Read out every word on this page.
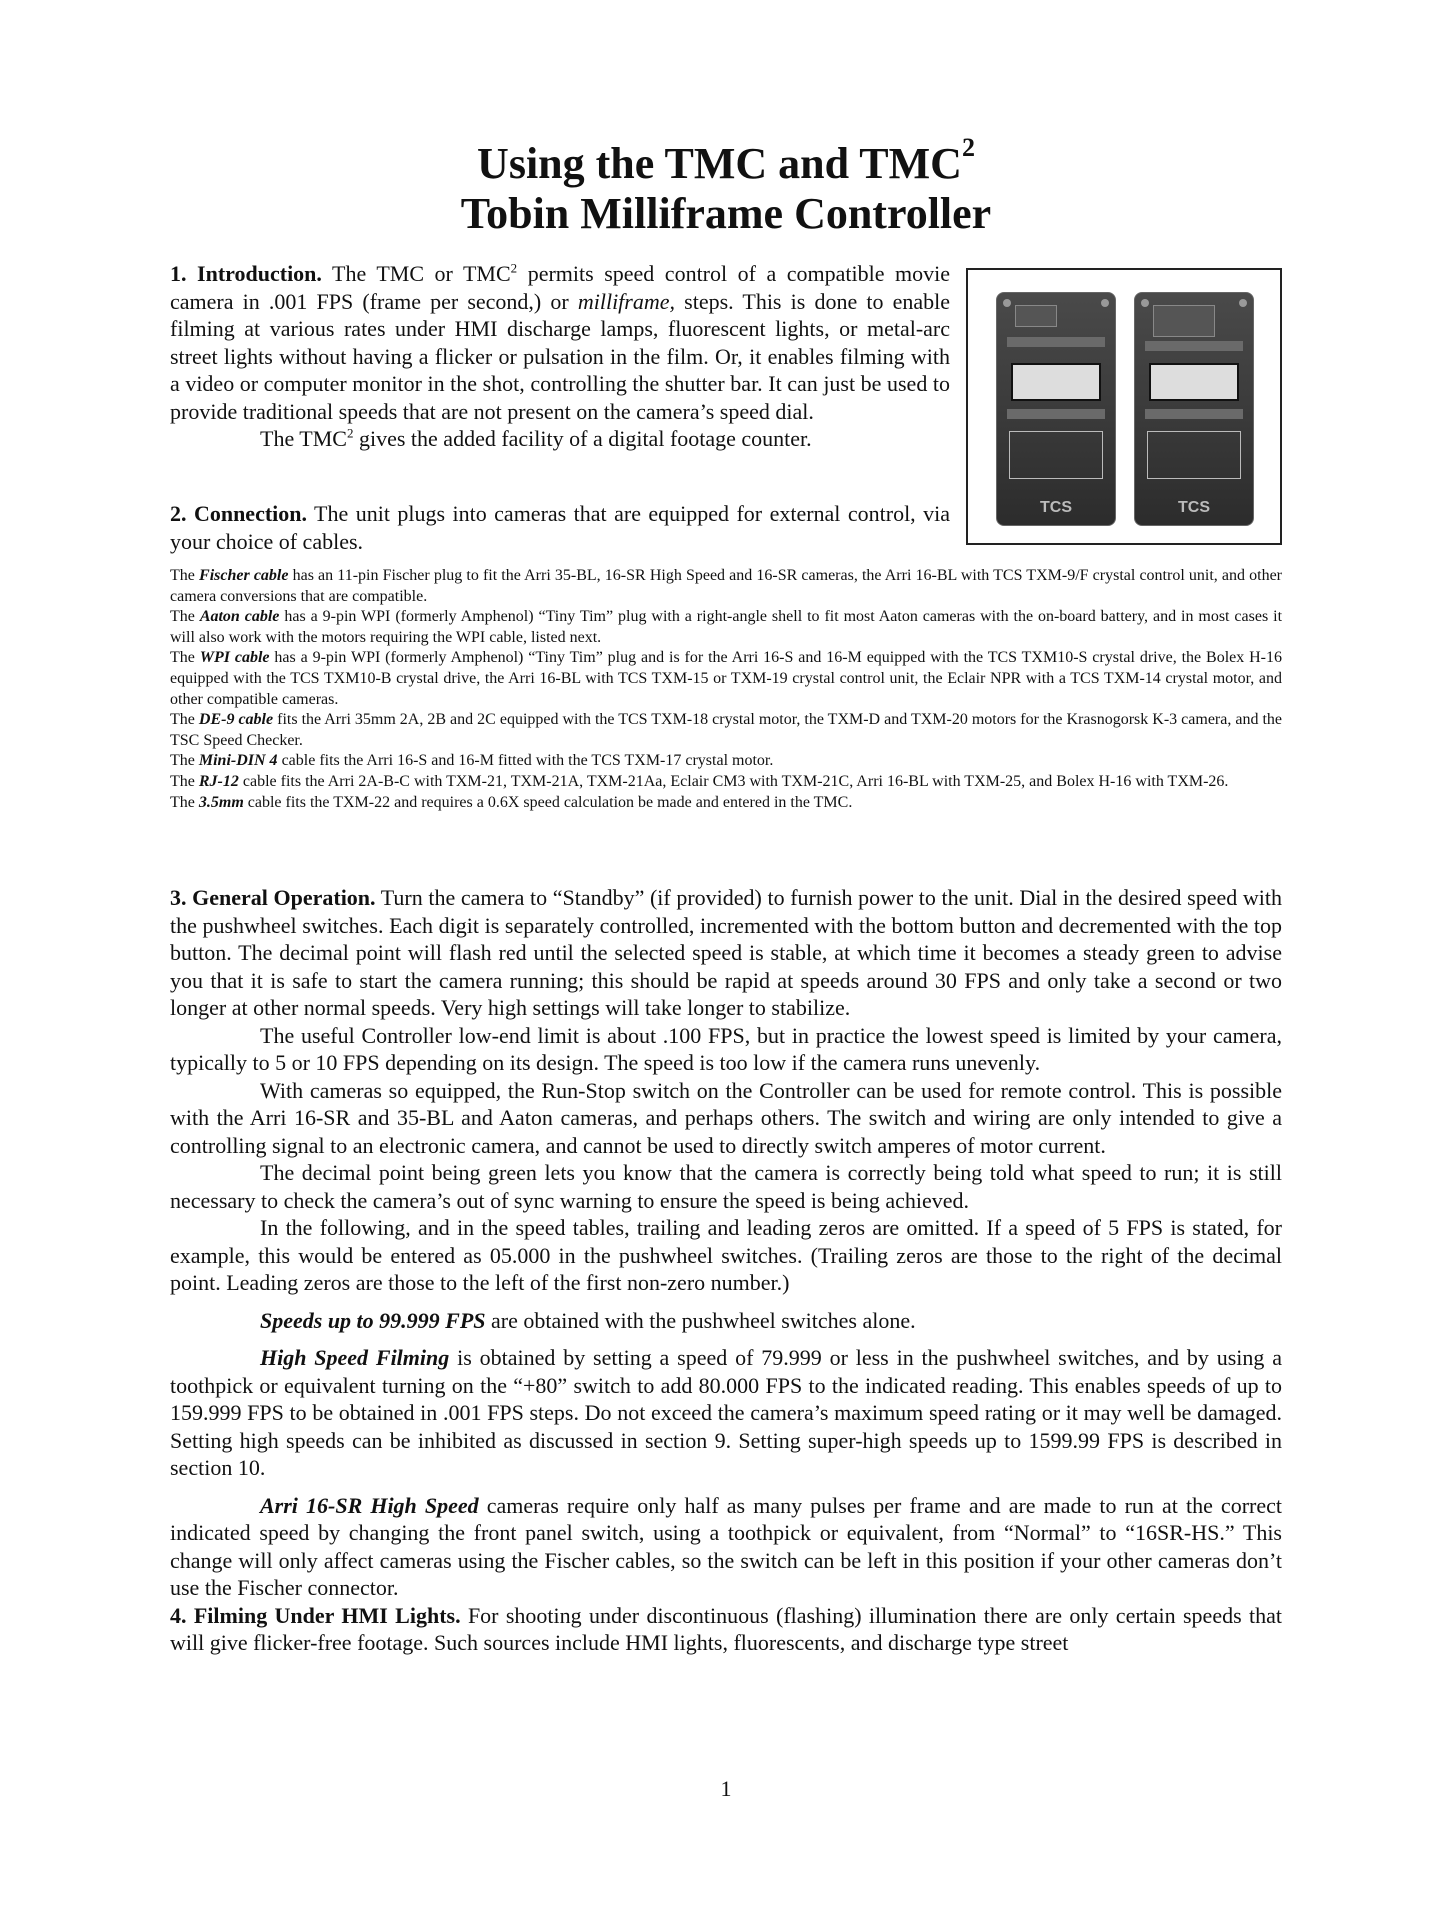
Using the TMC and TMC$^2$
Tobin Milliframe Controller

1. Introduction. The TMC or TMC$^2$ permits speed control of a compatible movie camera in .001 FPS (frame per second,) or milliframe, steps. This is done to enable filming at various rates under HMI discharge lamps, fluorescent lights, or metal-arc street lights without having a flicker or pulsation in the film. Or, it enables filming with a video or computer monitor in the shot, controlling the shutter bar. It can just be used to provide traditional speeds that are not present on the camera’s speed dial.

The TMC$^2$ gives the added facility of a digital footage counter.

TCS	TCS

2. Connection. The unit plugs into cameras that are equipped for external control, via your choice of cables.

The Fischer cable has an 11-pin Fischer plug to fit the Arri 35-BL, 16-SR High Speed and 16-SR cameras, the Arri 16-BL with TCS TXM-9/F crystal control unit, and other camera conversions that are compatible.

The Aaton cable has a 9-pin WPI (formerly Amphenol) “Tiny Tim” plug with a right-angle shell to fit most Aaton cameras with the on-board battery, and in most cases it will also work with the motors requiring the WPI cable, listed next.

The WPI cable has a 9-pin WPI (formerly Amphenol) “Tiny Tim” plug and is for the Arri 16-S and 16-M equipped with the TCS TXM10-S crystal drive, the Bolex H-16 equipped with the TCS TXM10-B crystal drive, the Arri 16-BL with TCS TXM-15 or TXM-19 crystal control unit, the Eclair NPR with a TCS TXM-14 crystal motor, and other compatible cameras.

The DE-9 cable fits the Arri 35mm 2A, 2B and 2C equipped with the TCS TXM-18 crystal motor, the TXM-D and TXM-20 motors for the Krasnogorsk K-3 camera, and the TSC Speed Checker.

The Mini-DIN 4 cable fits the Arri 16-S and 16-M fitted with the TCS TXM-17 crystal motor.

The RJ-12 cable fits the Arri 2A-B-C with TXM-21, TXM-21A, TXM-21Aa, Eclair CM3 with TXM-21C, Arri 16-BL with TXM-25, and Bolex H-16 with TXM-26.

The 3.5mm cable fits the TXM-22 and requires a 0.6X speed calculation be made and entered in the TMC.

3. General Operation. Turn the camera to “Standby” (if provided) to furnish power to the unit. Dial in the desired speed with the pushwheel switches. Each digit is separately controlled, incremented with the bottom button and decremented with the top button. The decimal point will flash red until the selected speed is stable, at which time it becomes a steady green to advise you that it is safe to start the camera running; this should be rapid at speeds around 30 FPS and only take a second or two longer at other normal speeds. Very high settings will take longer to stabilize.

The useful Controller low-end limit is about .100 FPS, but in practice the lowest speed is limited by your camera, typically to 5 or 10 FPS depending on its design. The speed is too low if the camera runs unevenly.

With cameras so equipped, the Run-Stop switch on the Controller can be used for remote control. This is possible with the Arri 16-SR and 35-BL and Aaton cameras, and perhaps others. The switch and wiring are only intended to give a controlling signal to an electronic camera, and cannot be used to directly switch amperes of motor current.

The decimal point being green lets you know that the camera is correctly being told what speed to run; it is still necessary to check the camera’s out of sync warning to ensure the speed is being achieved.

In the following, and in the speed tables, trailing and leading zeros are omitted. If a speed of 5 FPS is stated, for example, this would be entered as 05.000 in the pushwheel switches. (Trailing zeros are those to the right of the decimal point. Leading zeros are those to the left of the first non-zero number.)

Speeds up to 99.999 FPS are obtained with the pushwheel switches alone.

High Speed Filming is obtained by setting a speed of 79.999 or less in the pushwheel switches, and by using a toothpick or equivalent turning on the “+80” switch to add 80.000 FPS to the indicated reading. This enables speeds of up to 159.999 FPS to be obtained in .001 FPS steps. Do not exceed the camera’s maximum speed rating or it may well be damaged. Setting high speeds can be inhibited as discussed in section 9. Setting super-high speeds up to 1599.99 FPS is described in section 10.

Arri 16-SR High Speed cameras require only half as many pulses per frame and are made to run at the correct indicated speed by changing the front panel switch, using a toothpick or equivalent, from “Normal” to “16SR-HS.” This change will only affect cameras using the Fischer cables, so the switch can be left in this position if your other cameras don’t use the Fischer connector.

4. Filming Under HMI Lights. For shooting under discontinuous (flashing) illumination there are only certain speeds that will give flicker-free footage. Such sources include HMI lights, fluorescents, and discharge type street

1
